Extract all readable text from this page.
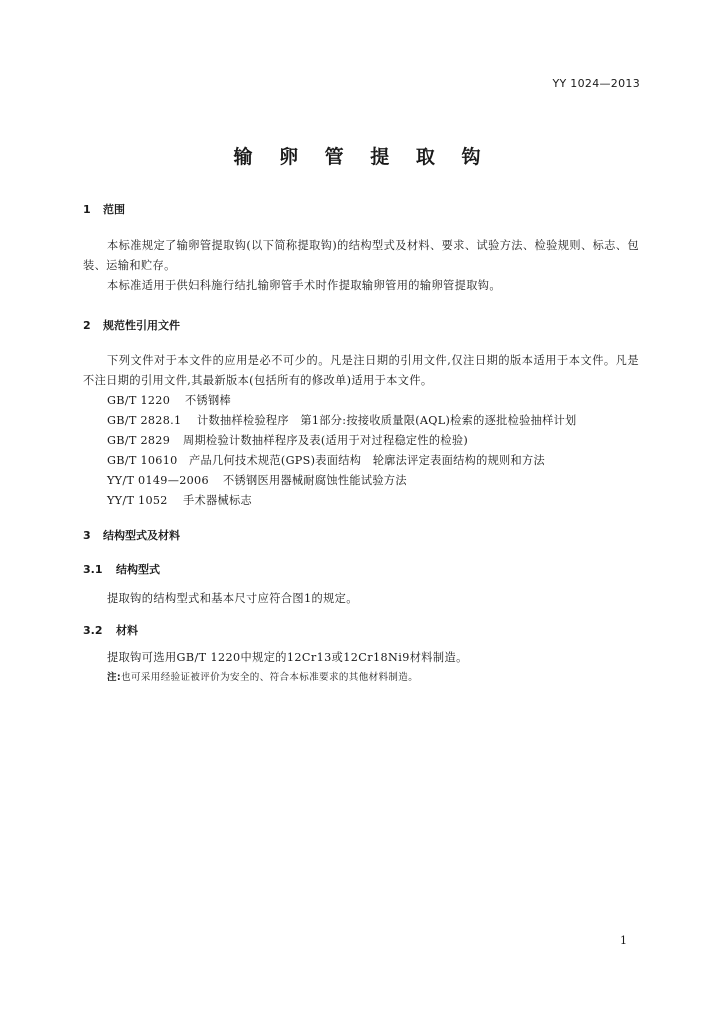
YY 1024—2013
输 卵 管 提 取 钩
1 范围
本标准规定了输卵管提取钩(以下简称提取钩)的结构型式及材料、要求、试验方法、检验规则、标志、包装、运输和贮存。
本标准适用于供妇科施行结扎输卵管手术时作提取输卵管用的输卵管提取钩。
2 规范性引用文件
下列文件对于本文件的应用是必不可少的。凡是注日期的引用文件,仅注日期的版本适用于本文件。凡是不注日期的引用文件,其最新版本(包括所有的修改单)适用于本文件。
GB/T 1220 不锈钢棒
GB/T 2828.1 计数抽样检验程序　第1部分:按接收质量限(AQL)检索的逐批检验抽样计划
GB/T 2829 周期检验计数抽样程序及表(适用于对过程稳定性的检验)
GB/T 10610 产品几何技术规范(GPS)表面结构　轮廓法评定表面结构的规则和方法
YY/T 0149—2006 不锈钢医用器械耐腐蚀性能试验方法
YY/T 1052 手术器械标志
3 结构型式及材料
3.1 结构型式
提取钩的结构型式和基本尺寸应符合图1的规定。
3.2 材料
提取钩可选用GB/T 1220中规定的12Cr13或12Cr18Ni9材料制造。
注:也可采用经验证被评价为安全的、符合本标准要求的其他材料制造。
1
